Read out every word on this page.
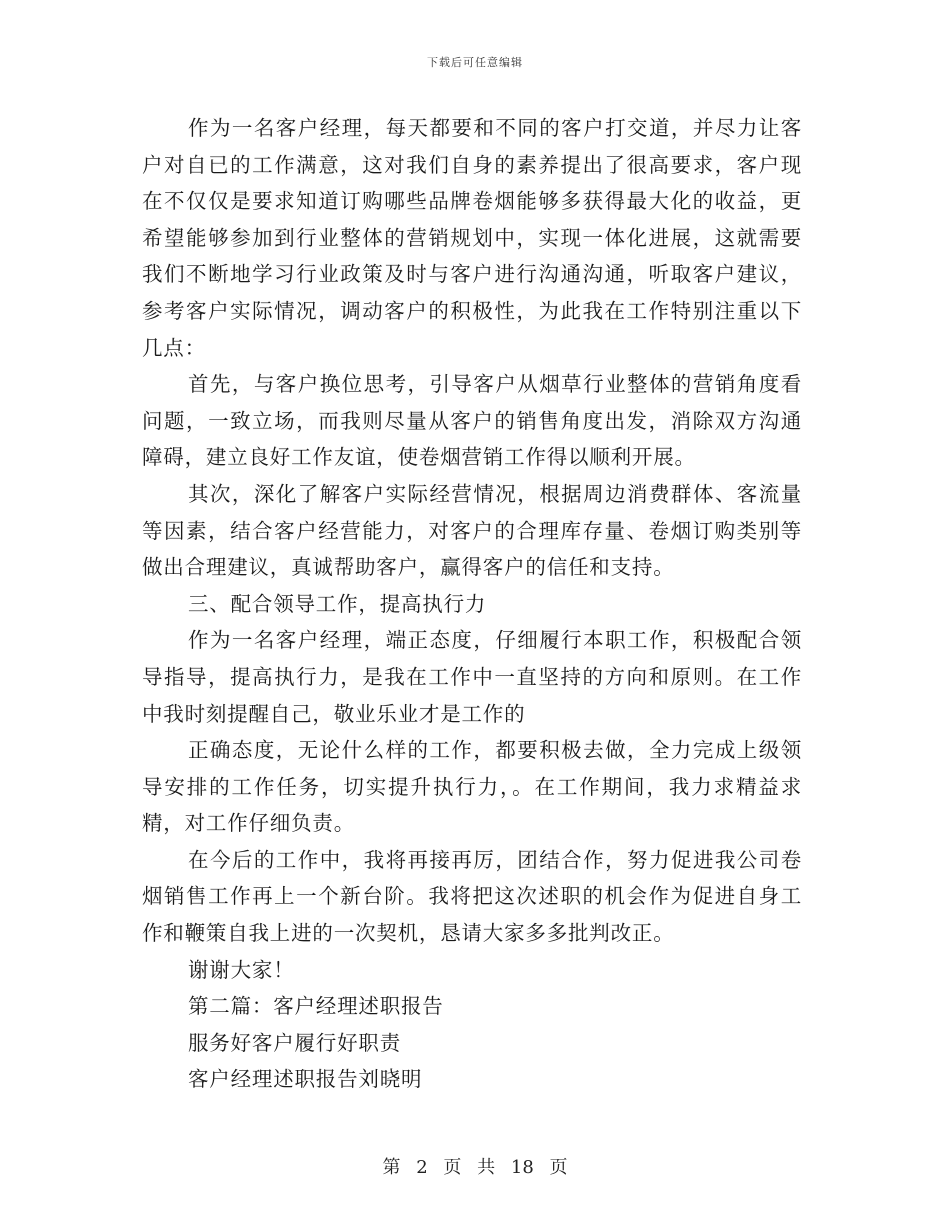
下载后可任意编辑

作为一名客户经理，每天都要和不同的客户打交道，并尽力让客户对自已的工作满意，这对我们自身的素养提出了很高要求，客户现在不仅仅是要求知道订购哪些品牌卷烟能够多获得最大化的收益，更希望能够参加到行业整体的营销规划中，实现一体化进展，这就需要我们不断地学习行业政策及时与客户进行沟通沟通，听取客户建议，参考客户实际情况，调动客户的积极性，为此我在工作特别注重以下几点：

首先，与客户换位思考，引导客户从烟草行业整体的营销角度看问题，一致立场，而我则尽量从客户的销售角度出发，消除双方沟通障碍，建立良好工作友谊，使卷烟营销工作得以顺利开展。

其次，深化了解客户实际经营情况，根据周边消费群体、客流量等因素，结合客户经营能力，对客户的合理库存量、卷烟订购类别等做出合理建议，真诚帮助客户，赢得客户的信任和支持。

三、配合领导工作，提高执行力

作为一名客户经理，端正态度，仔细履行本职工作，积极配合领导指导，提高执行力，是我在工作中一直坚持的方向和原则。在工作中我时刻提醒自己，敬业乐业才是工作的

正确态度，无论什么样的工作，都要积极去做，全力完成上级领导安排的工作任务，切实提升执行力，。在工作期间，我力求精益求精，对工作仔细负责。

在今后的工作中，我将再接再厉，团结合作，努力促进我公司卷烟销售工作再上一个新台阶。我将把这次述职的机会作为促进自身工作和鞭策自我上进的一次契机，恳请大家多多批判改正。

谢谢大家！

第二篇：客户经理述职报告

服务好客户履行好职责

客户经理述职报告刘晓明

第 2 页 共 18 页
